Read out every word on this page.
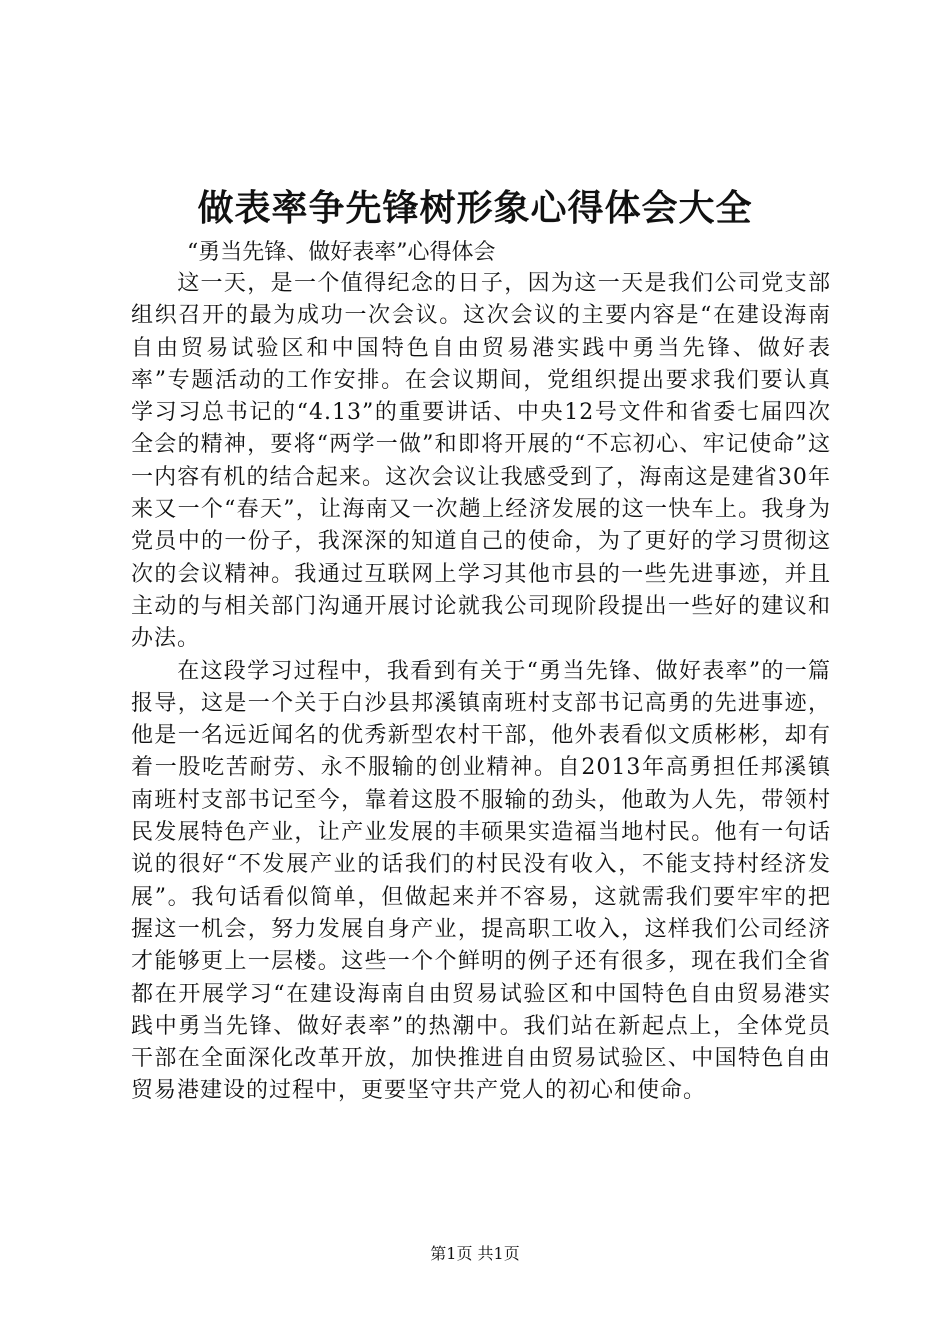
做表率争先锋树形象心得体会大全
“勇当先锋、做好表率”心得体会

这一天，是一个值得纪念的日子，因为这一天是我们公司党支部组织召开的最为成功一次会议。这次会议的主要内容是“在建设海南自由贸易试验区和中国特色自由贸易港实践中勇当先锋、做好表率”专题活动的工作安排。在会议期间，党组织提出要求我们要认真学习习总书记的“4.13”的重要讲话、中央12号文件和省委七届四次全会的精神，要将“两学一做”和即将开展的“不忘初心、牢记使命”这一内容有机的结合起来。这次会议让我感受到了，海南这是建省30年来又一个“春天”，让海南又一次趟上经济发展的这一快车上。我身为党员中的一份子，我深深的知道自己的使命，为了更好的学习贯彻这次的会议精神。我通过互联网上学习其他市县的一些先进事迹，并且主动的与相关部门沟通开展讨论就我公司现阶段提出一些好的建议和办法。

在这段学习过程中，我看到有关于“勇当先锋、做好表率”的一篇报导，这是一个关于白沙县邦溪镇南班村支部书记高勇的先进事迹，他是一名远近闻名的优秀新型农村干部，他外表看似文质彬彬，却有着一股吃苦耐劳、永不服输的创业精神。自2013年高勇担任邦溪镇南班村支部书记至今，靠着这股不服输的劲头，他敢为人先，带领村民发展特色产业，让产业发展的丰硕果实造福当地村民。他有一句话说的很好“不发展产业的话我们的村民没有收入，不能支持村经济发展”。我句话看似简单，但做起来并不容易，这就需我们要牢牢的把握这一机会，努力发展自身产业，提高职工收入，这样我们公司经济才能够更上一层楼。这些一个个鲜明的例子还有很多，现在我们全省都在开展学习“在建设海南自由贸易试验区和中国特色自由贸易港实践中勇当先锋、做好表率”的热潮中。我们站在新起点上，全体党员干部在全面深化改革开放，加快推进自由贸易试验区、中国特色自由贸易港建设的过程中，更要坚守共产党人的初心和使命。

第1页 共1页
